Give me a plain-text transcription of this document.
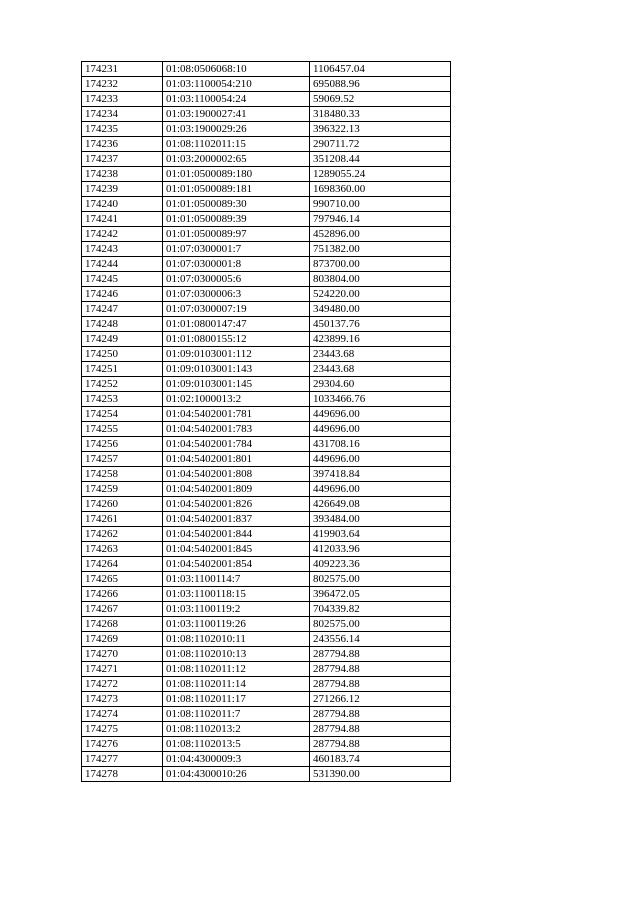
174231	01:08:0506068:10	1106457.04
174232	01:03:1100054:210	695088.96
174233	01:03:1100054:24	59069.52
174234	01:03:1900027:41	318480.33
174235	01:03:1900029:26	396322.13
174236	01:08:1102011:15	290711.72
174237	01:03:2000002:65	351208.44
174238	01:01:0500089:180	1289055.24
174239	01:01:0500089:181	1698360.00
174240	01:01:0500089:30	990710.00
174241	01:01:0500089:39	797946.14
174242	01:01:0500089:97	452896.00
174243	01:07:0300001:7	751382.00
174244	01:07:0300001:8	873700.00
174245	01:07:0300005:6	803804.00
174246	01:07:0300006:3	524220.00
174247	01:07:0300007:19	349480.00
174248	01:01:0800147:47	450137.76
174249	01:01:0800155:12	423899.16
174250	01:09:0103001:112	23443.68
174251	01:09:0103001:143	23443.68
174252	01:09:0103001:145	29304.60
174253	01:02:1000013:2	1033466.76
174254	01:04:5402001:781	449696.00
174255	01:04:5402001:783	449696.00
174256	01:04:5402001:784	431708.16
174257	01:04:5402001:801	449696.00
174258	01:04:5402001:808	397418.84
174259	01:04:5402001:809	449696.00
174260	01:04:5402001:826	426649.08
174261	01:04:5402001:837	393484.00
174262	01:04:5402001:844	419903.64
174263	01:04:5402001:845	412033.96
174264	01:04:5402001:854	409223.36
174265	01:03:1100114:7	802575.00
174266	01:03:1100118:15	396472.05
174267	01:03:1100119:2	704339.82
174268	01:03:1100119:26	802575.00
174269	01:08:1102010:11	243556.14
174270	01:08:1102010:13	287794.88
174271	01:08:1102011:12	287794.88
174272	01:08:1102011:14	287794.88
174273	01:08:1102011:17	271266.12
174274	01:08:1102011:7	287794.88
174275	01:08:1102013:2	287794.88
174276	01:08:1102013:5	287794.88
174277	01:04:4300009:3	460183.74
174278	01:04:4300010:26	531390.00
